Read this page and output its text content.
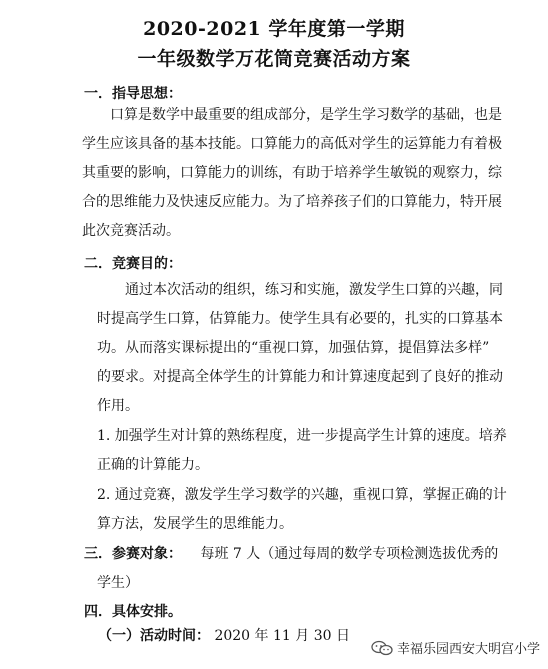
2020-2021 学年度第一学期
一年级数学万花筒竞赛活动方案
一．指导思想：
口算是数学中最重要的组成部分，是学生学习数学的基础，也是
学生应该具备的基本技能。口算能力的高低对学生的运算能力有着极
其重要的影响，口算能力的训练，有助于培养学生敏锐的观察力，综
合的思维能力及快速反应能力。为了培养孩子们的口算能力，特开展
此次竞赛活动。
二．竞赛目的：
通过本次活动的组织，练习和实施，激发学生口算的兴趣，同
时提高学生口算，估算能力。使学生具有必要的，扎实的口算基本
功。从而落实课标提出的“重视口算，加强估算，提倡算法多样”
的要求。对提高全体学生的计算能力和计算速度起到了良好的推动
作用。
1. 加强学生对计算的熟练程度，进一步提高学生计算的速度。培养
正确的计算能力。
2. 通过竞赛，激发学生学习数学的兴趣，重视口算，掌握正确的计
算方法，发展学生的思维能力。
三．参赛对象： 每班 7 人（通过每周的数学专项检测选拔优秀的
学生）
四．具体安排。
（一）活动时间： 2020 年 11 月 30 日
幸福乐园西安大明宫小学
